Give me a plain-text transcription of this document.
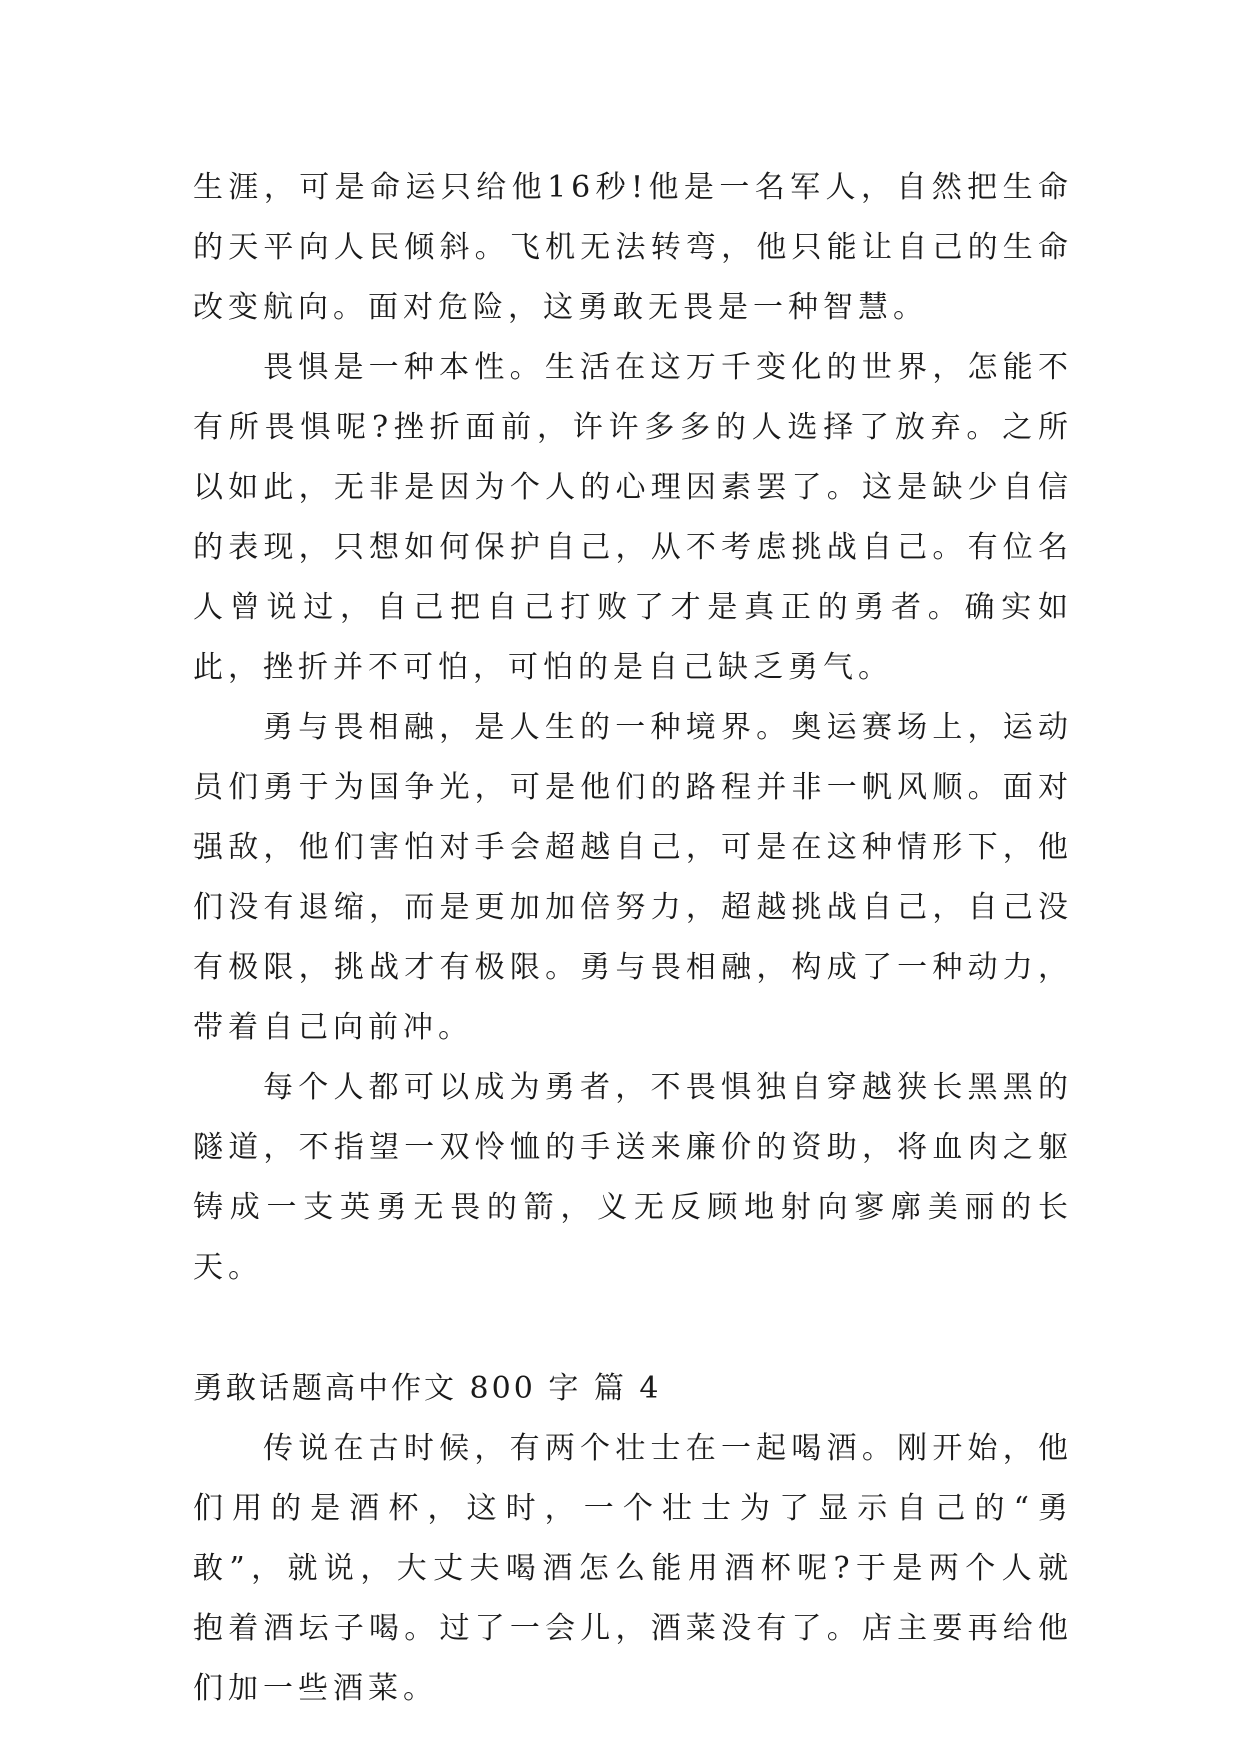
生涯，可是命运只给他16秒!他是一名军人，自然把生命的天平向人民倾斜。飞机无法转弯，他只能让自己的生命改变航向。面对危险，这勇敢无畏是一种智慧。

畏惧是一种本性。生活在这万千变化的世界，怎能不有所畏惧呢?挫折面前，许许多多的人选择了放弃。之所以如此，无非是因为个人的心理因素罢了。这是缺少自信的表现，只想如何保护自己，从不考虑挑战自己。有位名人曾说过，自己把自己打败了才是真正的勇者。确实如此，挫折并不可怕，可怕的是自己缺乏勇气。

勇与畏相融，是人生的一种境界。奥运赛场上，运动员们勇于为国争光，可是他们的路程并非一帆风顺。面对强敌，他们害怕对手会超越自己，可是在这种情形下，他们没有退缩，而是更加加倍努力，超越挑战自己，自己没有极限，挑战才有极限。勇与畏相融，构成了一种动力，带着自己向前冲。

每个人都可以成为勇者，不畏惧独自穿越狭长黑黑的隧道，不指望一双怜恤的手送来廉价的资助，将血肉之躯铸成一支英勇无畏的箭，义无反顾地射向寥廓美丽的长天。

勇敢话题高中作文 800 字 篇 4

传说在古时候，有两个壮士在一起喝酒。刚开始，他们用的是酒杯，这时，一个壮士为了显示自己的“勇敢”，就说，大丈夫喝酒怎么能用酒杯呢?于是两个人就抱着酒坛子喝。过了一会儿，酒菜没有了。店主要再给他们加一些酒菜。
